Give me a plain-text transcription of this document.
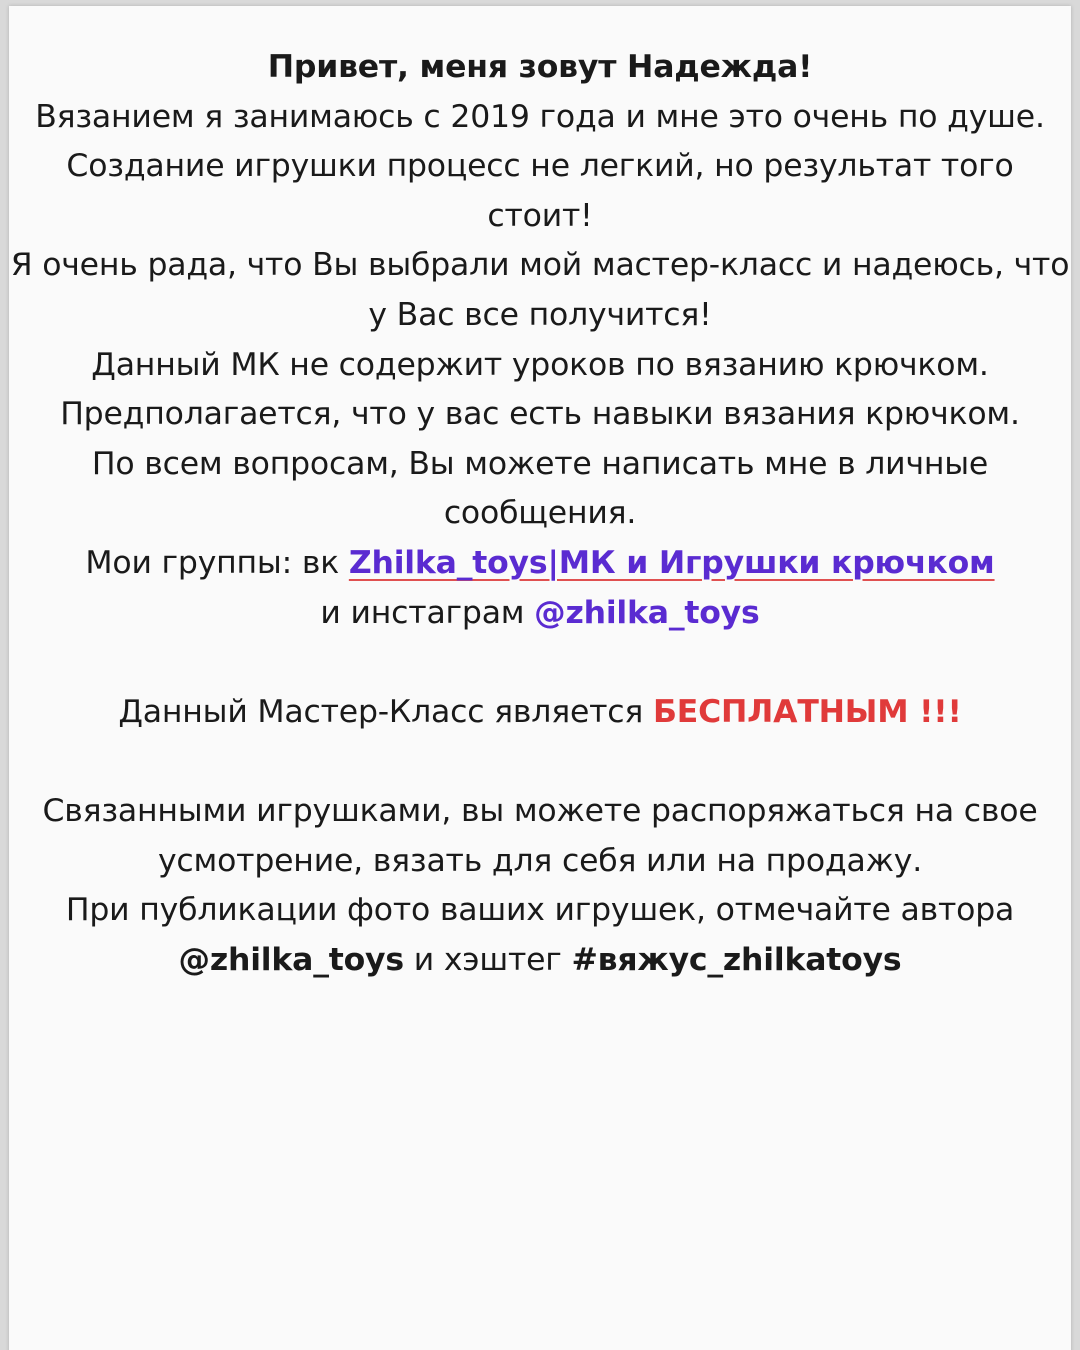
Привет, меня зовут Надежда!

Вязанием я занимаюсь с 2019 года и мне это очень по душе. Создание игрушки процесс не легкий, но результат того стоит!

Я очень рада, что Вы выбрали мой мастер-класс и надеюсь, что у Вас все получится!

Данный МК не содержит уроков по вязанию крючком.

Предполагается, что у вас есть навыки вязания крючком.

По всем вопросам, Вы можете написать мне в личные сообщения.

Мои группы: вк Zhilka_toys|МК и Игрушки крючком

и инстаграм @zhilka_toys

Данный Мастер-Класс является БЕСПЛАТНЫМ !!!

Связанными игрушками, вы можете распоряжаться на свое усмотрение, вязать для себя или на продажу.

При публикации фото ваших игрушек, отмечайте автора

@zhilka_toys и хэштег #вяжус_zhilkatoys
